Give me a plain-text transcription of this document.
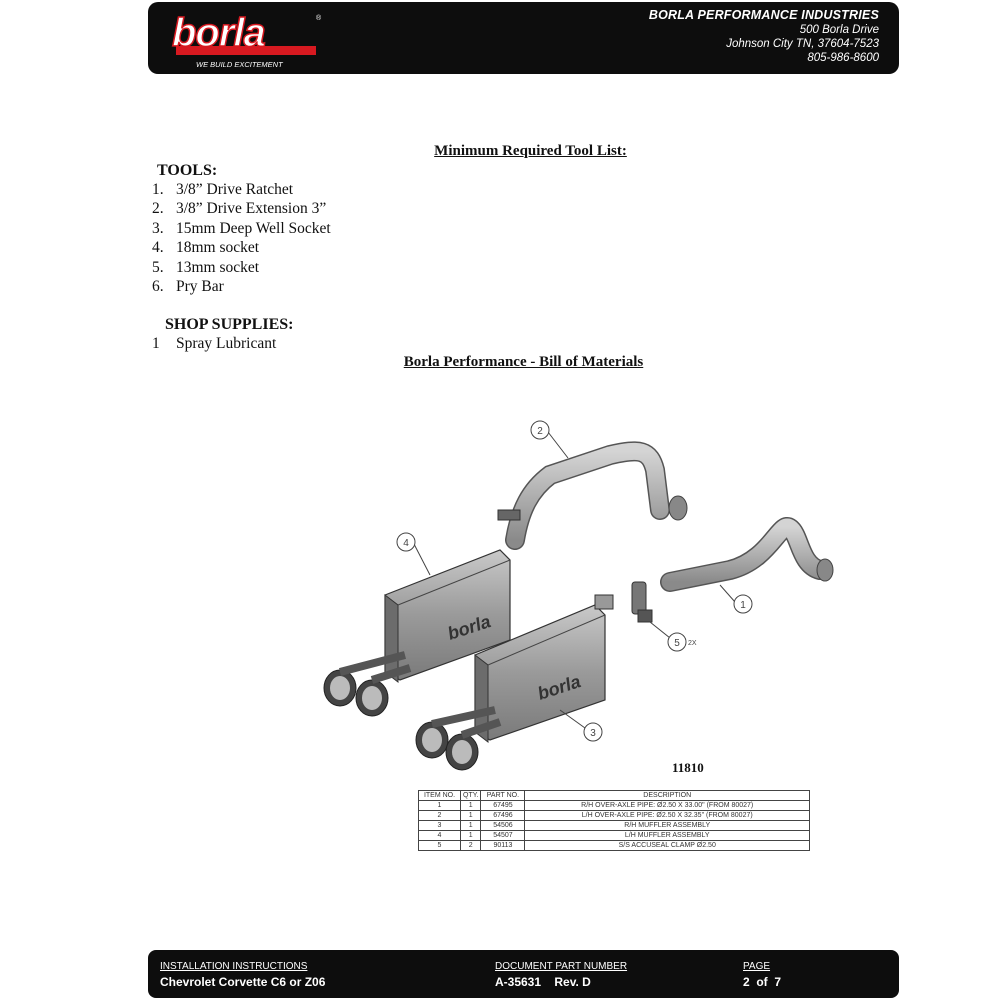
borla	®
WE BUILD EXCITEMENT
BORLA PERFORMANCE INDUSTRIES
500 Borla Drive
Johnson City TN, 37604-7523
805-986-8600
Minimum Required Tool List:
TOOLS:
1. 3/8” Drive Ratchet
2. 3/8” Drive Extension 3”
3. 15mm Deep Well Socket
4. 18mm socket
5. 13mm socket
6. Pry Bar
SHOP SUPPLIES:
1 Spray Lubricant
Borla Performance - Bill of Materials
borla
borla
2
4
1
5 2X
3
11810
ITEM NO.	QTY.	PART NO.	DESCRIPTION
1	1	67495	R/H OVER-AXLE PIPE: Ø2.50 X 33.00" (FROM 80027)
2	1	67496	L/H OVER-AXLE PIPE: Ø2.50 X 32.35" (FROM 80027)
3	1	54506	R/H MUFFLER ASSEMBLY
4	1	54507	L/H MUFFLER ASSEMBLY
5	2	90113	S/S ACCUSEAL CLAMP Ø2.50
INSTALLATION INSTRUCTIONS
Chevrolet Corvette C6 or Z06
DOCUMENT PART NUMBER
A-35631    Rev. D
PAGE
2  of  7
